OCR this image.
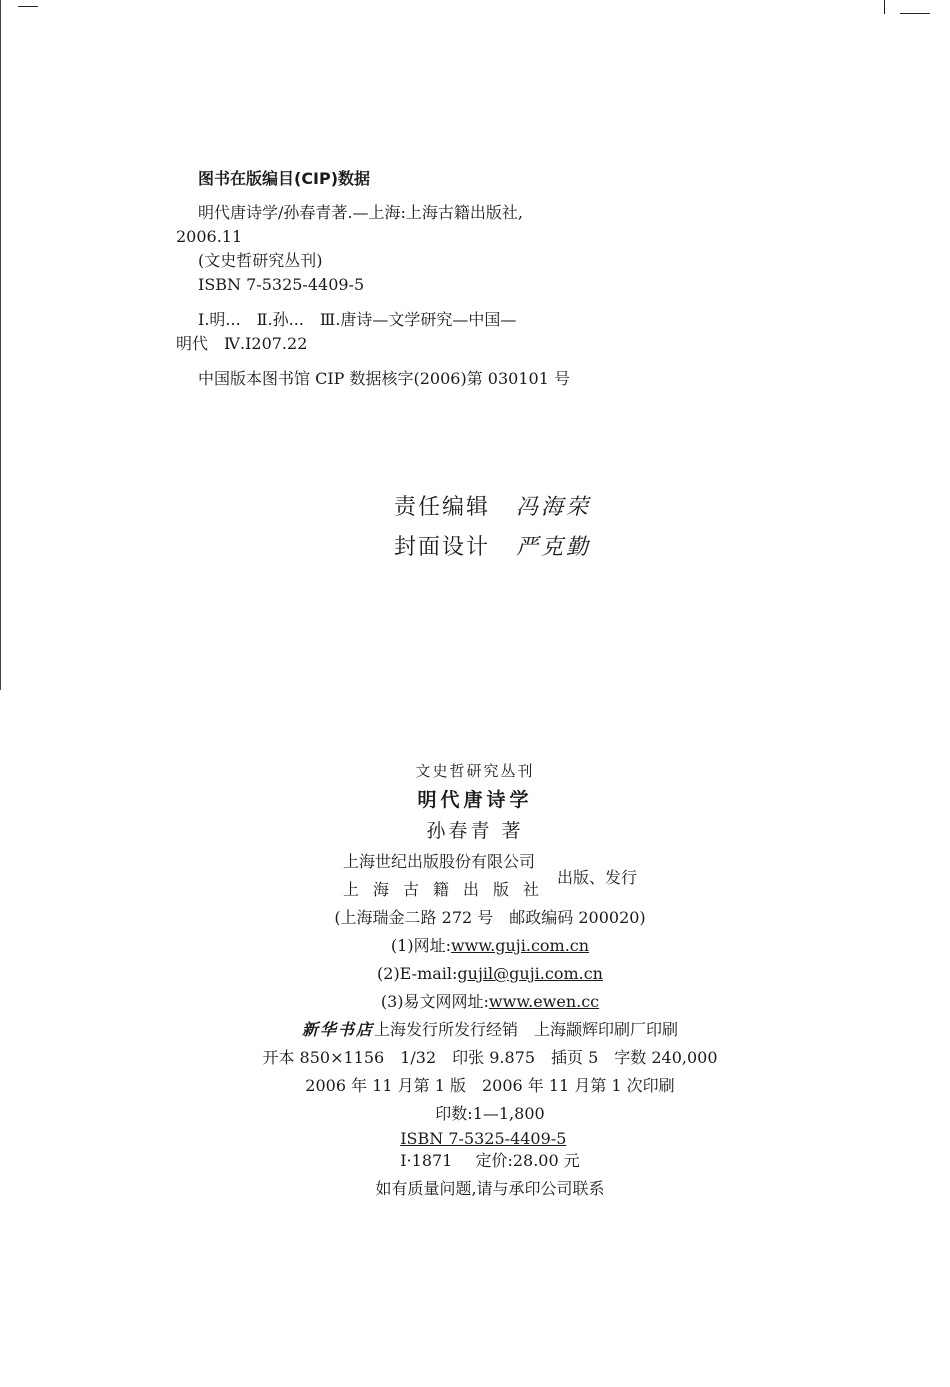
图书在版编目(CIP)数据
明代唐诗学/孙春青著.—上海:上海古籍出版社,
2006.11
(文史哲研究丛刊)
ISBN 7-5325-4409-5
Ⅰ.明...　Ⅱ.孙...　Ⅲ.唐诗—文学研究—中国—
明代　Ⅳ.I207.22
中国版本图书馆 CIP 数据核字(2006)第 030101 号
责任编辑 冯海荣
封面设计 严克勤
文史哲研究丛刊
明代唐诗学
孙春青 著
上海世纪出版股份有限公司
上海古籍出版社
出版、发行
(上海瑞金二路 272 号　邮政编码 200020)
(1)网址:www.guji.com.cn
(2)E-mail:gujil@guji.com.cn
(3)易文网网址:www.ewen.cc
新华书店上海发行所发行经销　上海颛辉印刷厂印刷
开本 850×1156　1/32　印张 9.875　插页 5　字数 240,000
2006 年 11 月第 1 版　2006 年 11 月第 1 次印刷
印数:1—1,800
ISBN 7-5325-4409-5
I·1871 定价:28.00 元
如有质量问题,请与承印公司联系
